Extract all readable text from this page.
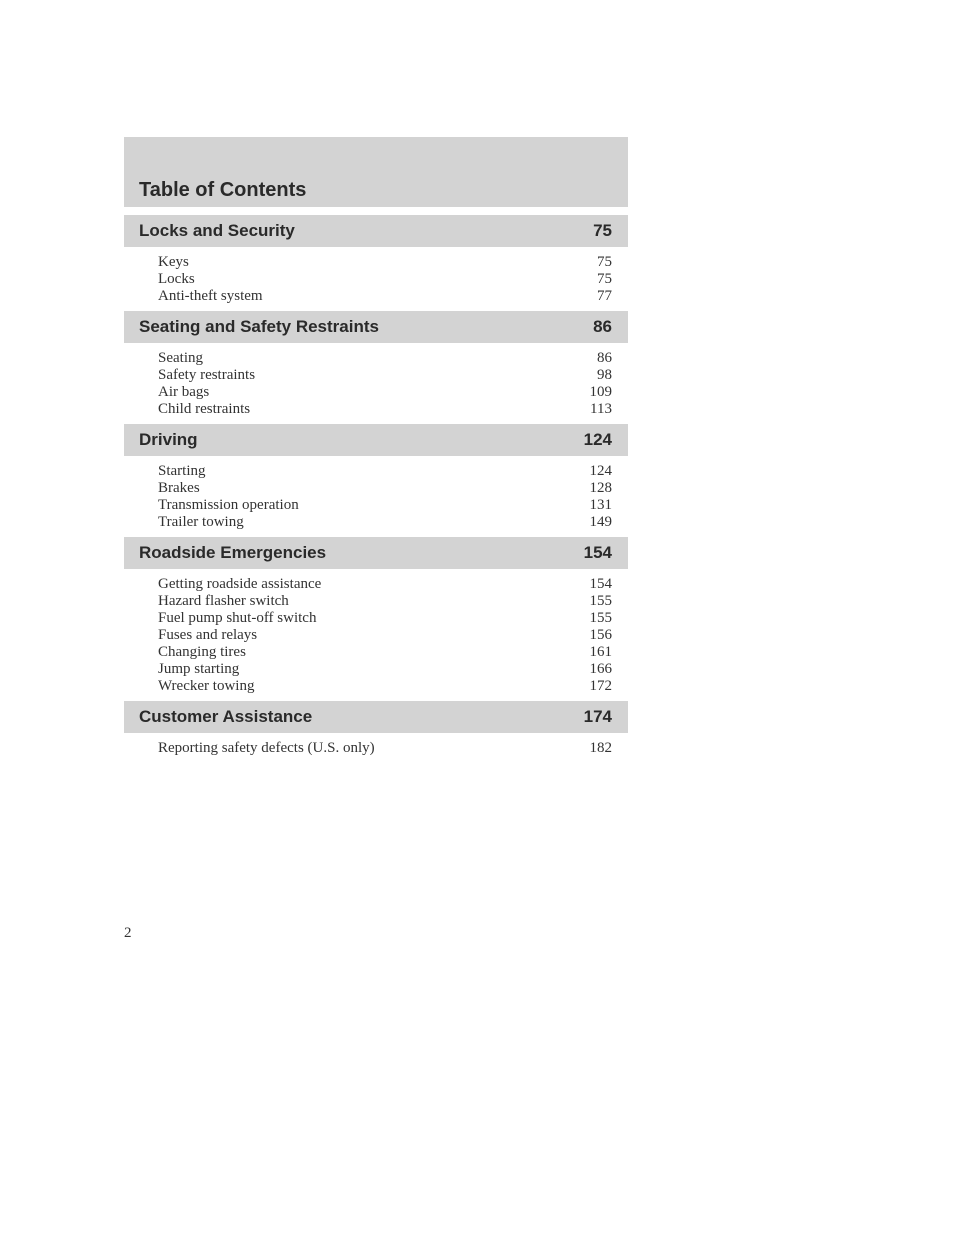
Table of Contents
Locks and Security	75
Keys	75
Locks	75
Anti-theft system	77
Seating and Safety Restraints	86
Seating	86
Safety restraints	98
Air bags	109
Child restraints	113
Driving	124
Starting	124
Brakes	128
Transmission operation	131
Trailer towing	149
Roadside Emergencies	154
Getting roadside assistance	154
Hazard flasher switch	155
Fuel pump shut-off switch	155
Fuses and relays	156
Changing tires	161
Jump starting	166
Wrecker towing	172
Customer Assistance	174
Reporting safety defects (U.S. only)	182
2
